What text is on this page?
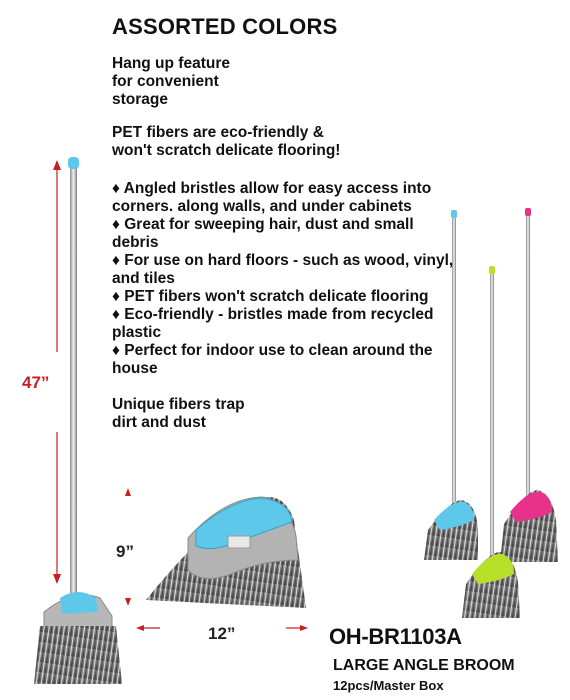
ASSORTED COLORS
Hang up feature
for convenient
storage
PET fibers are eco-friendly &
won't scratch delicate flooring!
♦ Angled bristles allow for easy access into corners. along walls, and under cabinets
♦ Great for sweeping hair, dust and small debris
♦ For use on hard floors - such as wood, vinyl, and tiles
♦ PET fibers won't scratch delicate flooring
♦ Eco-friendly - bristles made from recycled plastic
♦ Perfect for indoor use to clean around the house
Unique fibers trap
dirt and dust
47”
9”
12”	OH-BR1103A
LARGE ANGLE BROOM
12pcs/Master Box
